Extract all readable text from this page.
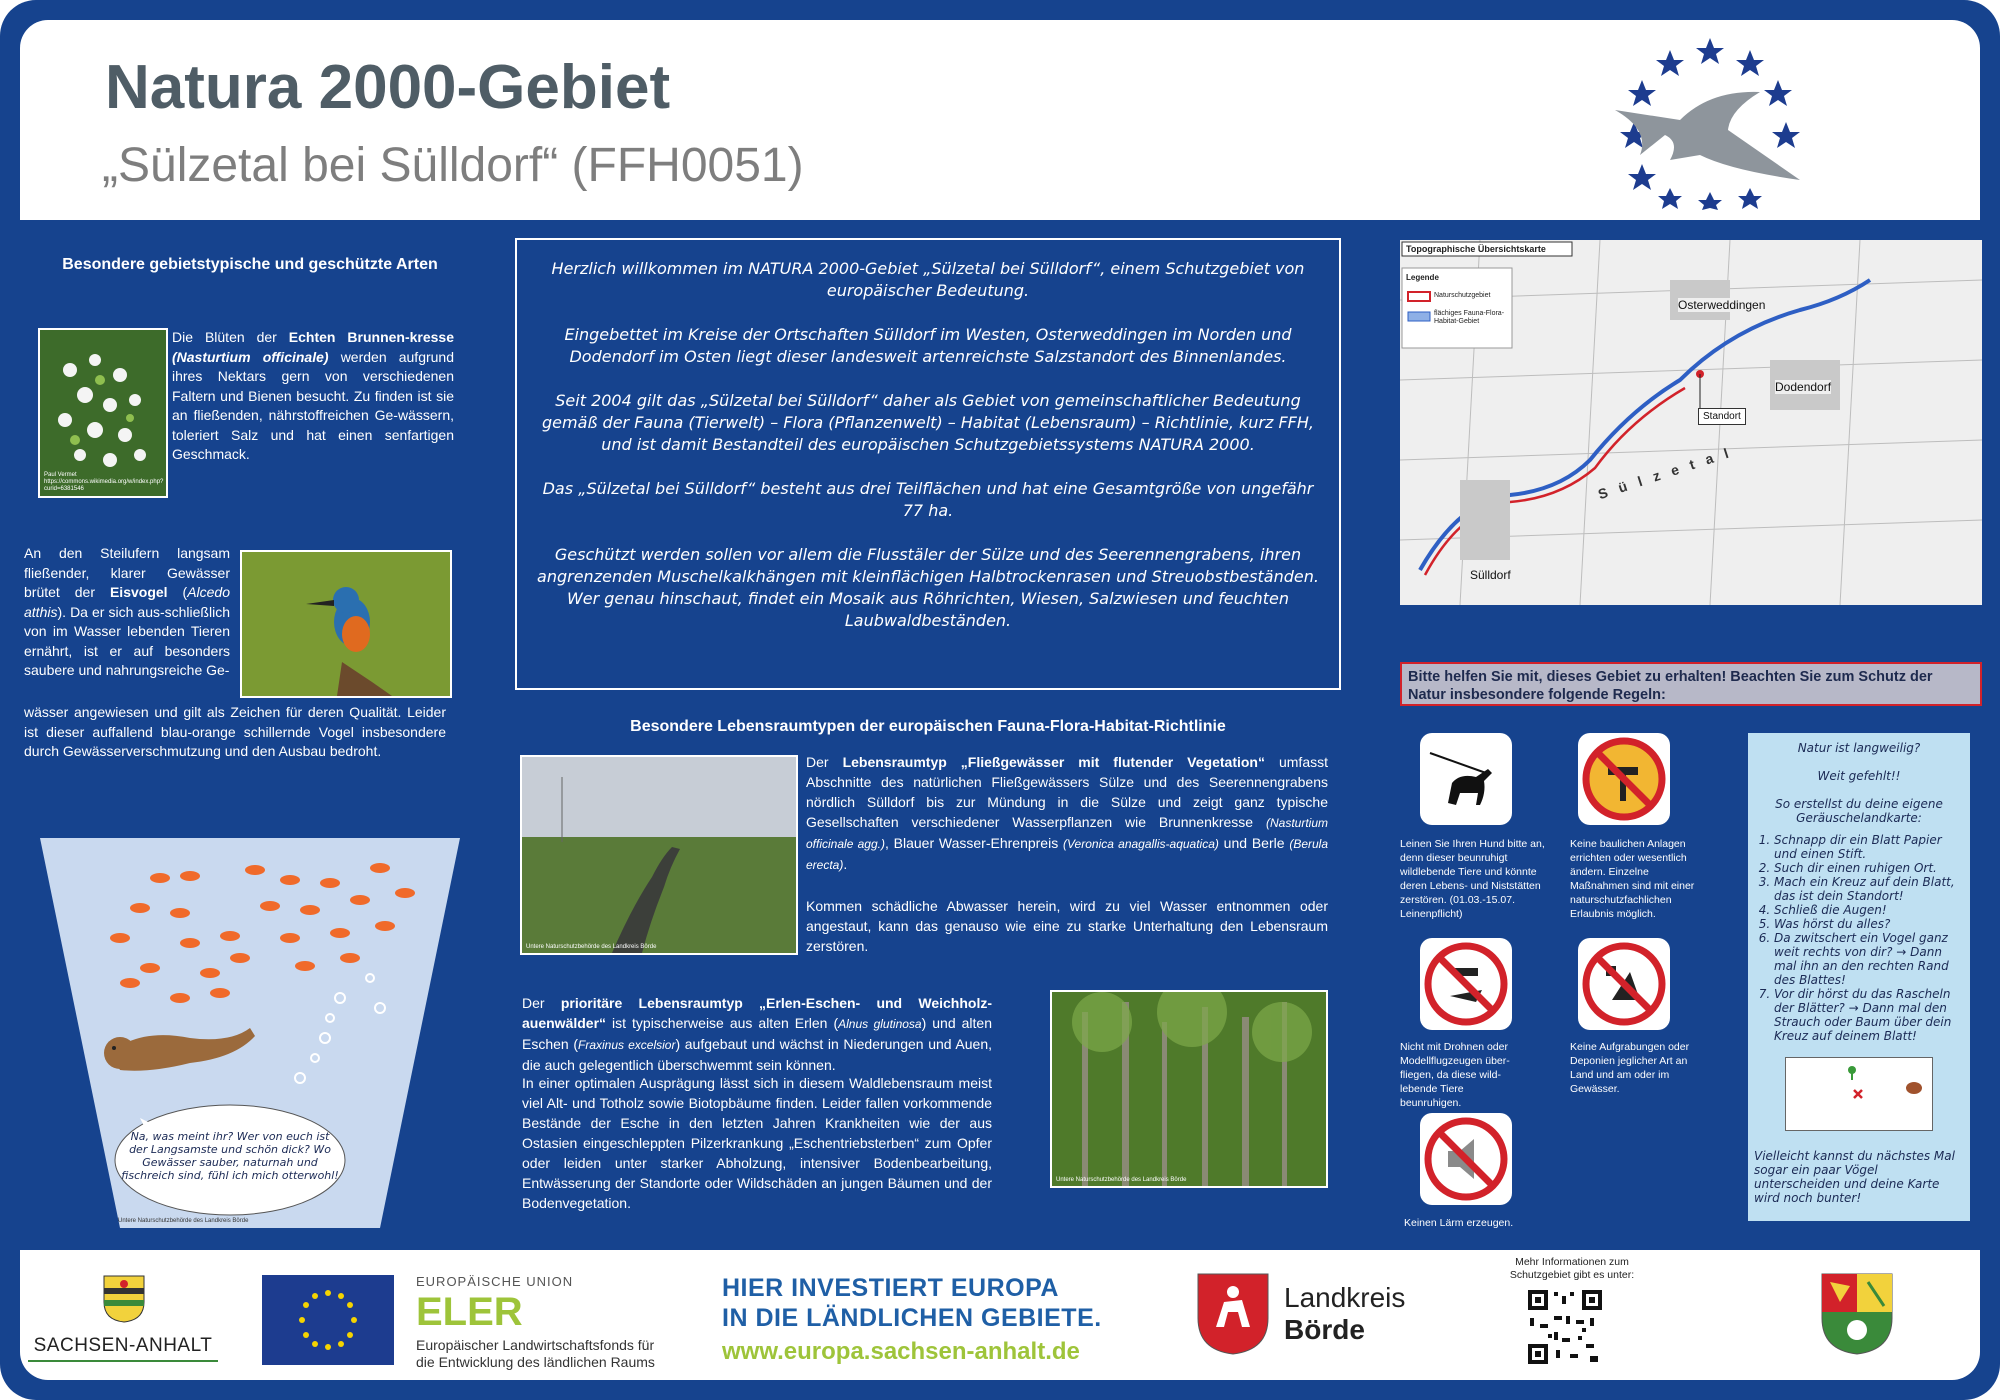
Natura 2000-Gebiet
„Sülzetal bei Sülldorf“ (FFH0051)
Besondere gebietstypische und geschützte Arten
Paul Vermet https://commons.wikimedia.org/w/index.php?curid=6381546
Die Blüten der Echten Brunnen-kresse (Nasturtium officinale) werden aufgrund ihres Nektars gern von verschiedenen Faltern und Bienen besucht. Zu finden ist sie an fließenden, nährstoffreichen Ge-wässern, toleriert Salz und hat einen senfartigen Geschmack.
An den Steilufern langsam fließender, klarer Gewässer brütet der Eisvogel (Alcedo atthis). Da er sich aus-schließlich von im Wasser lebenden Tieren ernährt, ist er auf besonders saubere und nahrungsreiche Ge-
wässer angewiesen und gilt als Zeichen für deren Qualität. Leider ist dieser auffallend blau-orange schillernde Vogel insbesondere durch Gewässerverschmutzung und den Ausbau bedroht.
Na, was meint ihr? Wer von euch ist der Langsamste und schön dick? Wo Gewässer sauber, naturnah und fischreich sind, fühl ich mich otterwohl!
Untere Naturschutzbehörde des Landkreis Börde

Herzlich willkommen im NATURA 2000-Gebiet „Sülzetal bei Sülldorf“, einem Schutzgebiet von europäischer Bedeutung.

Eingebettet im Kreise der Ortschaften Sülldorf im Westen, Osterweddingen im Norden und Dodendorf im Osten liegt dieser landesweit artenreichste Salzstandort des Binnenlandes.

Seit 2004 gilt das „Sülzetal bei Sülldorf“ daher als Gebiet von gemeinschaftlicher Bedeutung gemäß der Fauna (Tierwelt) – Flora (Pflanzenwelt) – Habitat (Lebensraum) – Richtlinie, kurz FFH, und ist damit Bestandteil des europäischen Schutzgebietssystems NATURA 2000.

Das „Sülzetal bei Sülldorf“ besteht aus drei Teilflächen und hat eine Gesamtgröße von ungefähr 77 ha.

Geschützt werden sollen vor allem die Flusstäler der Sülze und des Seerennengrabens, ihren angrenzenden Muschelkalkhängen mit kleinflächigen Halbtrockenrasen und Streuobstbeständen. Wer genau hinschaut, findet ein Mosaik aus Röhrichten, Wiesen, Salzwiesen und feuchten Laubwaldbeständen.

Besondere Lebensraumtypen der europäischen Fauna-Flora-Habitat-Richtlinie
Untere Naturschutzbehörde des Landkreis Börde
Der Lebensraumtyp „Fließgewässer mit flutender Vegetation“ umfasst Abschnitte des natürlichen Fließgewässers Sülze und des Seerennengrabens nördlich Sülldorf bis zur Mündung in die Sülze und zeigt ganz typische Gesellschaften verschiedener Wasserpflanzen wie Brunnenkresse (Nasturtium officinale agg.), Blauer Wasser-Ehrenpreis (Veronica anagallis-aquatica) und Berle (Berula erecta).
Kommen schädliche Abwasser herein, wird zu viel Wasser entnommen oder angestaut, kann das genauso wie eine zu starke Unterhaltung den Lebensraum zerstören.
Der prioritäre Lebensraumtyp „Erlen-Eschen- und Weichholz-auenwälder“ ist typischerweise aus alten Erlen (Alnus glutinosa) und alten Eschen (Fraxinus excelsior) aufgebaut und wächst in Niederungen und Auen, die auch gelegentlich überschwemmt sein können.
In einer optimalen Ausprägung lässt sich in diesem Waldlebensraum meist viel Alt- und Totholz sowie Biotopbäume finden. Leider fallen vorkommende Bestände der Esche in den letzten Jahren Krankheiten wie der aus Ostasien eingeschleppten Pilzerkrankung „Eschentriebsterben“ zum Opfer oder leiden unter starker Abholzung, intensiver Bodenbearbeitung, Entwässerung der Standorte oder Wildschäden an jungen Bäumen und der Bodenvegetation.
Untere Naturschutzbehörde des Landkreis Börde
Topographische Übersichtskarte
Legende
Naturschutzgebiet
flächiges Fauna-Flora-Habitat-Gebiet
Osterweddingen
Dodendorf
Sülldorf
Standort
S ü l z e t a l
Bitte helfen Sie mit, dieses Gebiet zu erhalten! Beachten Sie zum Schutz der Natur insbesondere folgende Regeln:
Leinen Sie Ihren Hund bitte an, denn dieser beunruhigt wildlebende Tiere und könnte deren Lebens- und Niststätten zerstören. (01.03.-15.07. Leinenpflicht)
Keine baulichen Anlagen errichten oder wesentlich ändern. Einzelne Maßnahmen sind mit einer naturschutzfachlichen Erlaubnis möglich.
Nicht mit Drohnen oder Modellflugzeugen über-fliegen, da diese wild-lebende Tiere beunruhigen.
Keine Aufgrabungen oder Deponien jeglicher Art an Land und am oder im Gewässer.
Keinen Lärm erzeugen.
Natur ist langweilig?
Weit gefehlt!!
So erstellst du deine eigene Geräuschelandkarte:
1. Schnapp dir ein Blatt Papier und einen Stift.
2. Such dir einen ruhigen Ort.
3. Mach ein Kreuz auf dein Blatt, das ist dein Standort!
4. Schließ die Augen!
5. Was hörst du alles?
6. Da zwitschert ein Vogel ganz weit rechts von dir? → Dann mal ihn an den rechten Rand des Blattes!
7. Vor dir hörst du das Rascheln der Blätter? → Dann mal den Strauch oder Baum über dein Kreuz auf deinem Blatt!
Vielleicht kannst du nächstes Mal sogar ein paar Vögel unterscheiden und deine Karte wird noch bunter!
SACHSEN-ANHALT
EUROPÄISCHE UNION
ELER
Europäischer Landwirtschaftsfonds für
die Entwicklung des ländlichen Raums
HIER INVESTIERT EUROPA
IN DIE LÄNDLICHEN GEBIETE.
www.europa.sachsen-anhalt.de
Landkreis
Börde
Mehr Informationen zum Schutzgebiet gibt es unter:
